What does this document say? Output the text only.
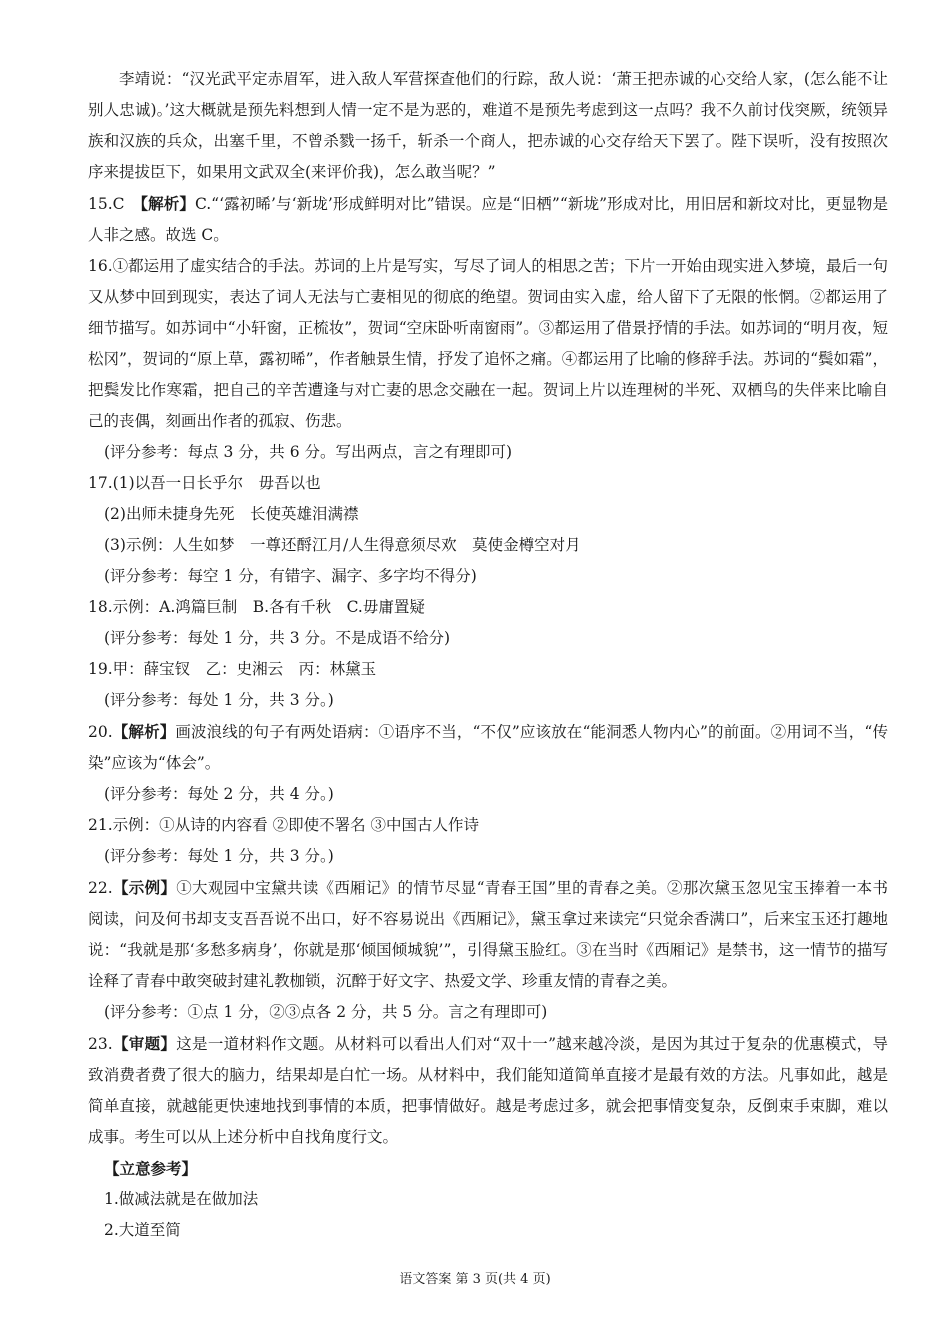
李靖说：“汉光武平定赤眉军，进入敌人军营探查他们的行踪，敌人说：‘萧王把赤诚的心交给人家，(怎么能不让别人忠诚)。’这大概就是预先料想到人情一定不是为恶的，难道不是预先考虑到这一点吗？我不久前讨伐突厥，统领异族和汉族的兵众，出塞千里，不曾杀戮一扬千，斩杀一个商人，把赤诚的心交存给天下罢了。陛下误听，没有按照次序来提拔臣下，如果用文武双全(来评价我)，怎么敢当呢？”

15.C　 【解析】C.“‘露初晞’与‘新垅’形成鲜明对比”错误。应是“旧栖”“新垅”形成对比，用旧居和新坟对比，更显物是人非之感。故选 C。

16.①都运用了虚实结合的手法。苏词的上片是写实，写尽了词人的相思之苦；下片一开始由现实进入梦境，最后一句又从梦中回到现实，表达了词人无法与亡妻相见的彻底的绝望。贺词由实入虚，给人留下了无限的怅惘。②都运用了细节描写。如苏词中“小轩窗，正梳妆”，贺词“空床卧听南窗雨”。③都运用了借景抒情的手法。如苏词的“明月夜，短松冈”，贺词的“原上草，露初晞”，作者触景生情，抒发了追怀之痛。④都运用了比喻的修辞手法。苏词的“鬓如霜”，把鬓发比作寒霜，把自己的辛苦遭逢与对亡妻的思念交融在一起。贺词上片以连理树的半死、双栖鸟的失伴来比喻自己的丧偶，刻画出作者的孤寂、伤悲。

(评分参考：每点 3 分，共 6 分。写出两点，言之有理即可)

17.(1)以吾一日长乎尔　毋吾以也

(2)出师未捷身先死　长使英雄泪满襟

(3)示例：人生如梦　一尊还酹江月/人生得意须尽欢　莫使金樽空对月

(评分参考：每空 1 分，有错字、漏字、多字均不得分)

18.示例：A.鸿篇巨制　B.各有千秋　C.毋庸置疑

(评分参考：每处 1 分，共 3 分。不是成语不给分)

19.甲：薛宝钗　乙：史湘云　丙：林黛玉

(评分参考：每处 1 分，共 3 分。)

20.【解析】画波浪线的句子有两处语病：①语序不当，“不仅”应该放在“能洞悉人物内心”的前面。②用词不当，“传染”应该为“体会”。

(评分参考：每处 2 分，共 4 分。)

21.示例：①从诗的内容看 ②即使不署名 ③中国古人作诗

(评分参考：每处 1 分，共 3 分。)

22.【示例】①大观园中宝黛共读《西厢记》的情节尽显“青春王国”里的青春之美。②那次黛玉忽见宝玉捧着一本书阅读，问及何书却支支吾吾说不出口，好不容易说出《西厢记》，黛玉拿过来读完“只觉余香满口”，后来宝玉还打趣地说：“我就是那‘多愁多病身’，你就是那‘倾国倾城貌’”，引得黛玉脸红。③在当时《西厢记》是禁书，这一情节的描写诠释了青春中敢突破封建礼教枷锁，沉醉于好文字、热爱文学、珍重友情的青春之美。

(评分参考：①点 1 分，②③点各 2 分，共 5 分。言之有理即可)

23.【审题】这是一道材料作文题。从材料可以看出人们对“双十一”越来越冷淡，是因为其过于复杂的优惠模式，导致消费者费了很大的脑力，结果却是白忙一场。从材料中，我们能知道简单直接才是最有效的方法。凡事如此，越是简单直接，就越能更快速地找到事情的本质，把事情做好。越是考虑过多，就会把事情变复杂，反倒束手束脚，难以成事。考生可以从上述分析中自找角度行文。

【立意参考】

1.做减法就是在做加法

2.大道至简

语文答案 第 3 页(共 4 页)
